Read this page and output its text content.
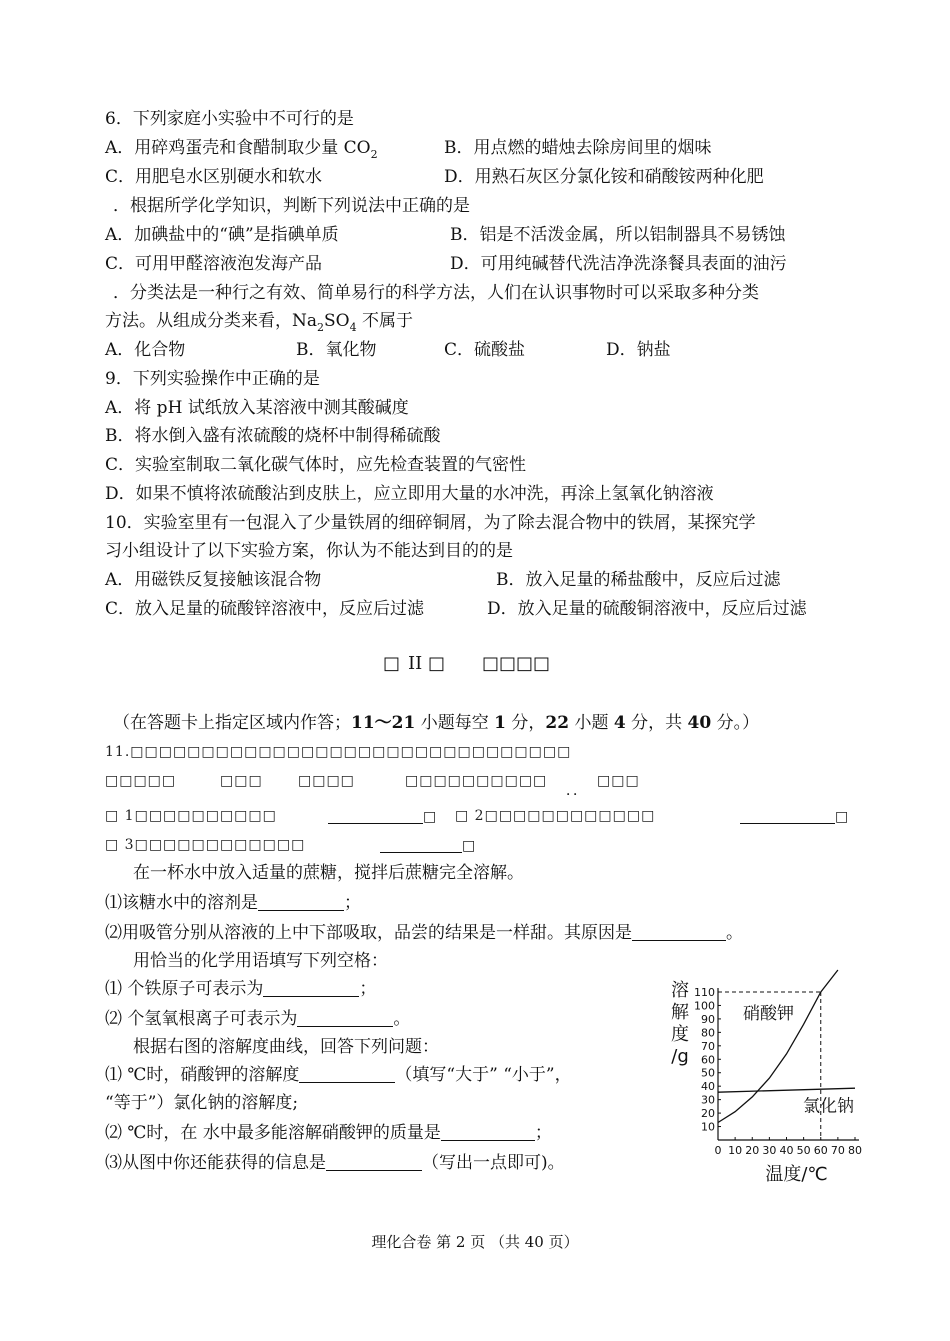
6．下列家庭小实验中不可行的是
A．用碎鸡蛋壳和食醋制取少量 $CO_2$	B．用点燃的蜡烛去除房间里的烟味
C．用肥皂水区别硬水和软水	D．用熟石灰区分氯化铵和硝酸铵两种化肥
．根据所学化学知识，判断下列说法中正确的是
A．加碘盐中的“碘”是指碘单质	B．铝是不活泼金属，所以铝制器具不易锈蚀
C．可用甲醛溶液泡发海产品	D．可用纯碱替代洗洁净洗涤餐具表面的油污
．分类法是一种行之有效、简单易行的科学方法，人们在认识事物时可以采取多种分类
方法。从组成分类来看，$Na_2SO_4$ 不属于
A．化合物	B．氧化物	C．硫酸盐	D．钠盐
9．下列实验操作中正确的是
A．将 pH 试纸放入某溶液中测其酸碱度
B．将水倒入盛有浓硫酸的烧杯中制得稀硫酸
C．实验室制取二氧化碳气体时，应先检查装置的气密性
D．如果不慎将浓硫酸沾到皮肤上，应立即用大量的水冲洗，再涂上氢氧化钠溶液
10．实验室里有一包混入了少量铁屑的细碎铜屑，为了除去混合物中的铁屑，某探究学
习小组设计了以下实验方案，你认为不能达到目的的是
A．用磁铁反复接触该混合物	B．放入足量的稀盐酸中，反应后过滤
C．放入足量的硫酸锌溶液中，反应后过滤	D．放入足量的硫酸铜溶液中，反应后过滤
□ II □ □□□□
（在答题卡上指定区域内作答；11～21 小题每空 1 分，22 小题 4 分，共 40 分。）
11.□□□□□□□□□□□□□□□□□□□□□□□□□□□□□□□
□□□□□	□□□	□□□□	□□□□□□□□□□
．．
□□□
□ 1□□□□□□□□□□	□ □ 2□□□□□□□□□□□□	□
□ 3□□□□□□□□□□□□	□
在一杯水中放入适量的蔗糖，搅拌后蔗糖完全溶解。
⑴该糖水中的溶剂是	；
⑵用吸管分别从溶液的上中下部吸取，品尝的结果是一样甜。其原因是	。
用恰当的化学用语填写下列空格：
⑴ 个铁原子可表示为	；
⑵ 个氢氧根离子可表示为	。
根据右图的溶解度曲线，回答下列问题：
⑴ ℃时，硝酸钾的溶解度	（填写“大于” “小于”，
“等于”）氯化钠的溶解度;
⑵ ℃时，在 水中最多能溶解硝酸钾的质量是	；
⑶从图中你还能获得的信息是	（写出一点即可)。
10
20
30
40
50
60
70
80
90
100
110
0 10 20 30 40 50 60 70 80
溶
解
度
/g
温度/℃
硝酸钾
氯化钠
理化合卷 第 2 页 （共 40 页）
